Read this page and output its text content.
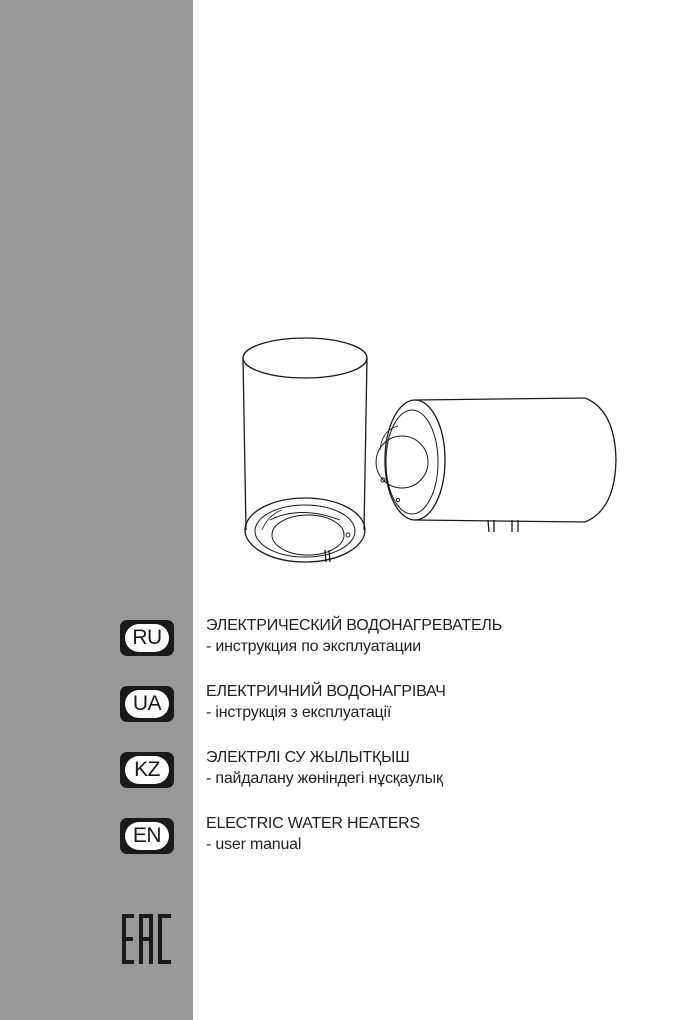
RU
ЭЛЕКТРИЧЕСКИЙ ВОДОНАГРЕВАТЕЛЬ
- инструкция по эксплуатации
UA
ЕЛЕКТРИЧНИЙ ВОДОНАГРІВАЧ
- інструкція з експлуатації
KZ
ЭЛЕКТРЛІ СУ ЖЫЛЫТҚЫШ
- пайдалану жөніндегі нұсқаулық
EN
ELECTRIC WATER HEATERS
- user manual
